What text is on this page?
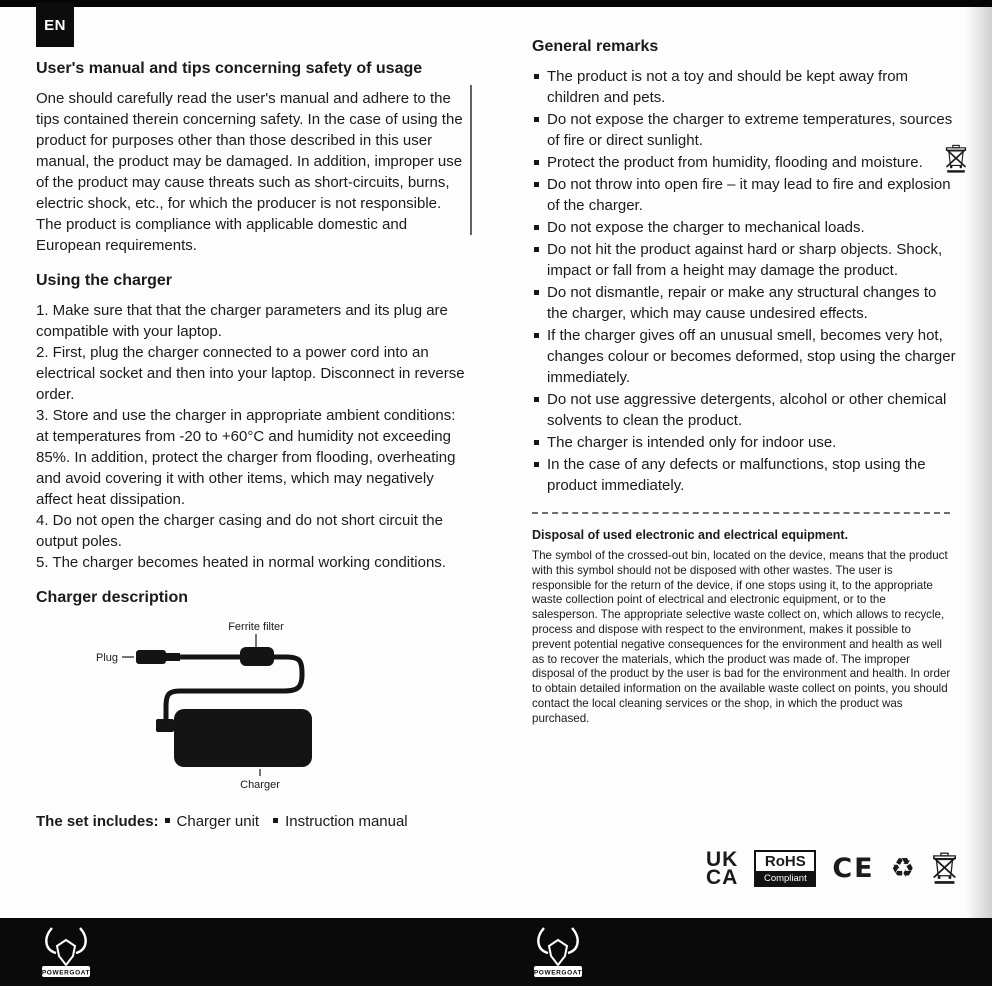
EN
User's manual and tips concerning safety of usage

One should carefully read the user's manual and adhere to the tips contained therein concerning safety. In the case of using the product for purposes other than those described in this user manual, the product may be damaged. In addition, improper use of the product may cause threats such as short-circuits, burns, electric shock, etc., for which the producer is not responsible. The product is compliance with applicable domestic and European requirements.

Using the charger

1. Make sure that that the charger parameters and its plug are compatible with your laptop.

2. First, plug the charger connected to a power cord into an electrical socket and then into your laptop. Disconnect in reverse order.

3. Store and use the charger in appropriate ambient conditions: at temperatures from -20 to +60°C and humidity not exceeding 85%. In addition, protect the charger from flooding, overheating and avoid covering it with other items, which may negatively affect heat dissipation.

4. Do not open the charger casing and do not short circuit the output poles.

5. The charger becomes heated in normal working conditions.

Charger description
Ferrite filter
Plug
Charger
The set includes: Charger unit Instruction manual
General remarks
The product is not a toy and should be kept away from children and pets.
Do not expose the charger to extreme temperatures, sources of fire or direct sunlight.
Protect the product from humidity, flooding and moisture.
Do not throw into open fire – it may lead to fire and explosion of the charger.
Do not expose the charger to mechanical loads.
Do not hit the product against hard or sharp objects. Shock, impact or fall from a height may damage the product.
Do not dismantle, repair or make any structural changes to the charger, which may cause undesired effects.
If the charger gives off an unusual smell, becomes very hot, changes colour or becomes deformed, stop using the charger immediately.
Do not use aggressive detergents, alcohol or other chemical solvents to clean the product.
The charger is intended only for indoor use.
In the case of any defects or malfunctions, stop using the product immediately.
Disposal of used electronic and electrical equipment.

The symbol of the crossed-out bin, located on the device, means that the product with this symbol should not be disposed with other wastes. The user is responsible for the return of the device, if one stops using it, to the appropriate waste collection point of electrical and electronic equipment, or to the salesperson. The appropriate selective waste collect on, which allows to recycle, process and dispose with respect to the environment, makes it possible to prevent potential negative consequences for the environment and health as well as to recover the materials, which the product was made of. The improper disposal of the product by the user is bad for the environment and health. In order to obtain detailed information on the available waste collect on points, you should contact the local cleaning services or the shop, in which the product was purchased.

UK
CA
RoHS
Compliant CE ♻
POWERGOAT	POWERGOAT
